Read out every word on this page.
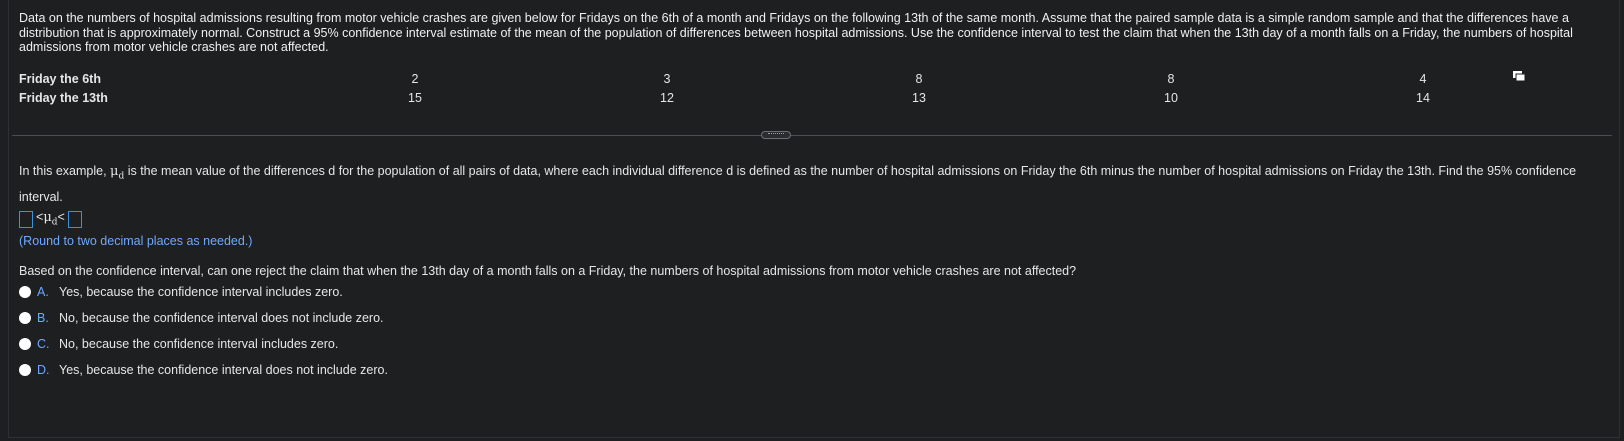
Data on the numbers of hospital admissions resulting from motor vehicle crashes are given below for Fridays on the 6th of a month and Fridays on the following 13th of the same month. Assume that the paired sample data is a simple random sample and that the differences have a distribution that is approximately normal. Construct a 95% confidence interval estimate of the mean of the population of differences between hospital admissions. Use the confidence interval to test the claim that when the 13th day of a month falls on a Friday, the numbers of hospital admissions from motor vehicle crashes are not affected.
Friday the 6th	2	3	8	8	4
Friday the 13th	15	12	13	10	14
In this example, $\mu_d$ is the mean value of the differences d for the population of all pairs of data, where each individual difference d is defined as the number of hospital admissions on Friday the 6th minus the number of hospital admissions on Friday the 13th. Find the 95% confidence interval.
$<\mu_d<$
(Round to two decimal places as needed.)
Based on the confidence interval, can one reject the claim that when the 13th day of a month falls on a Friday, the numbers of hospital admissions from motor vehicle crashes are not affected?
A. Yes, because the confidence interval includes zero.
B. No, because the confidence interval does not include zero.
C. No, because the confidence interval includes zero.
D. Yes, because the confidence interval does not include zero.
